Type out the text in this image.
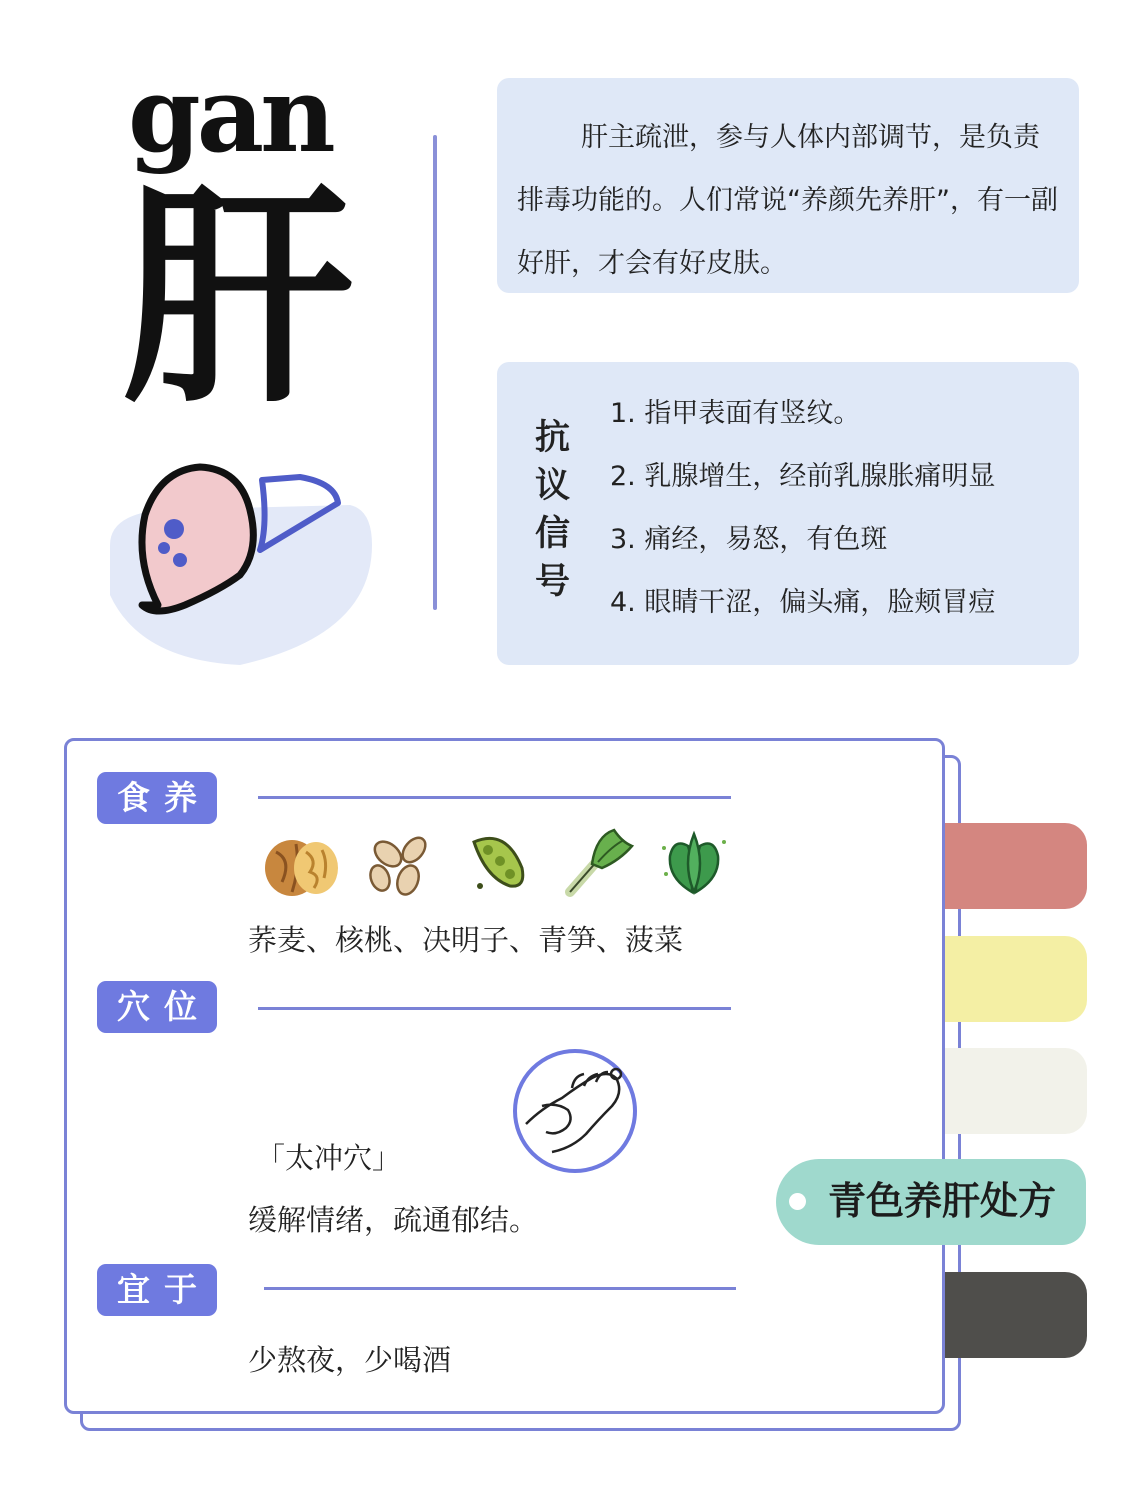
gan
肝
肝主疏泄，参与人体内部调节，是负责排毒功能的。人们常说“养颜先养肝”，有一副好肝，才会有好皮肤。
抗
议
信
号
1. 指甲表面有竖纹。
2. 乳腺增生，经前乳腺胀痛明显
3. 痛经，易怒，有色斑
4. 眼睛干涩，偏头痛，脸颊冒痘
青色养肝处方
食养
荞麦、核桃、决明子、青笋、菠菜
穴位
「太冲穴」
缓解情绪，疏通郁结。
宜于
少熬夜，少喝酒
